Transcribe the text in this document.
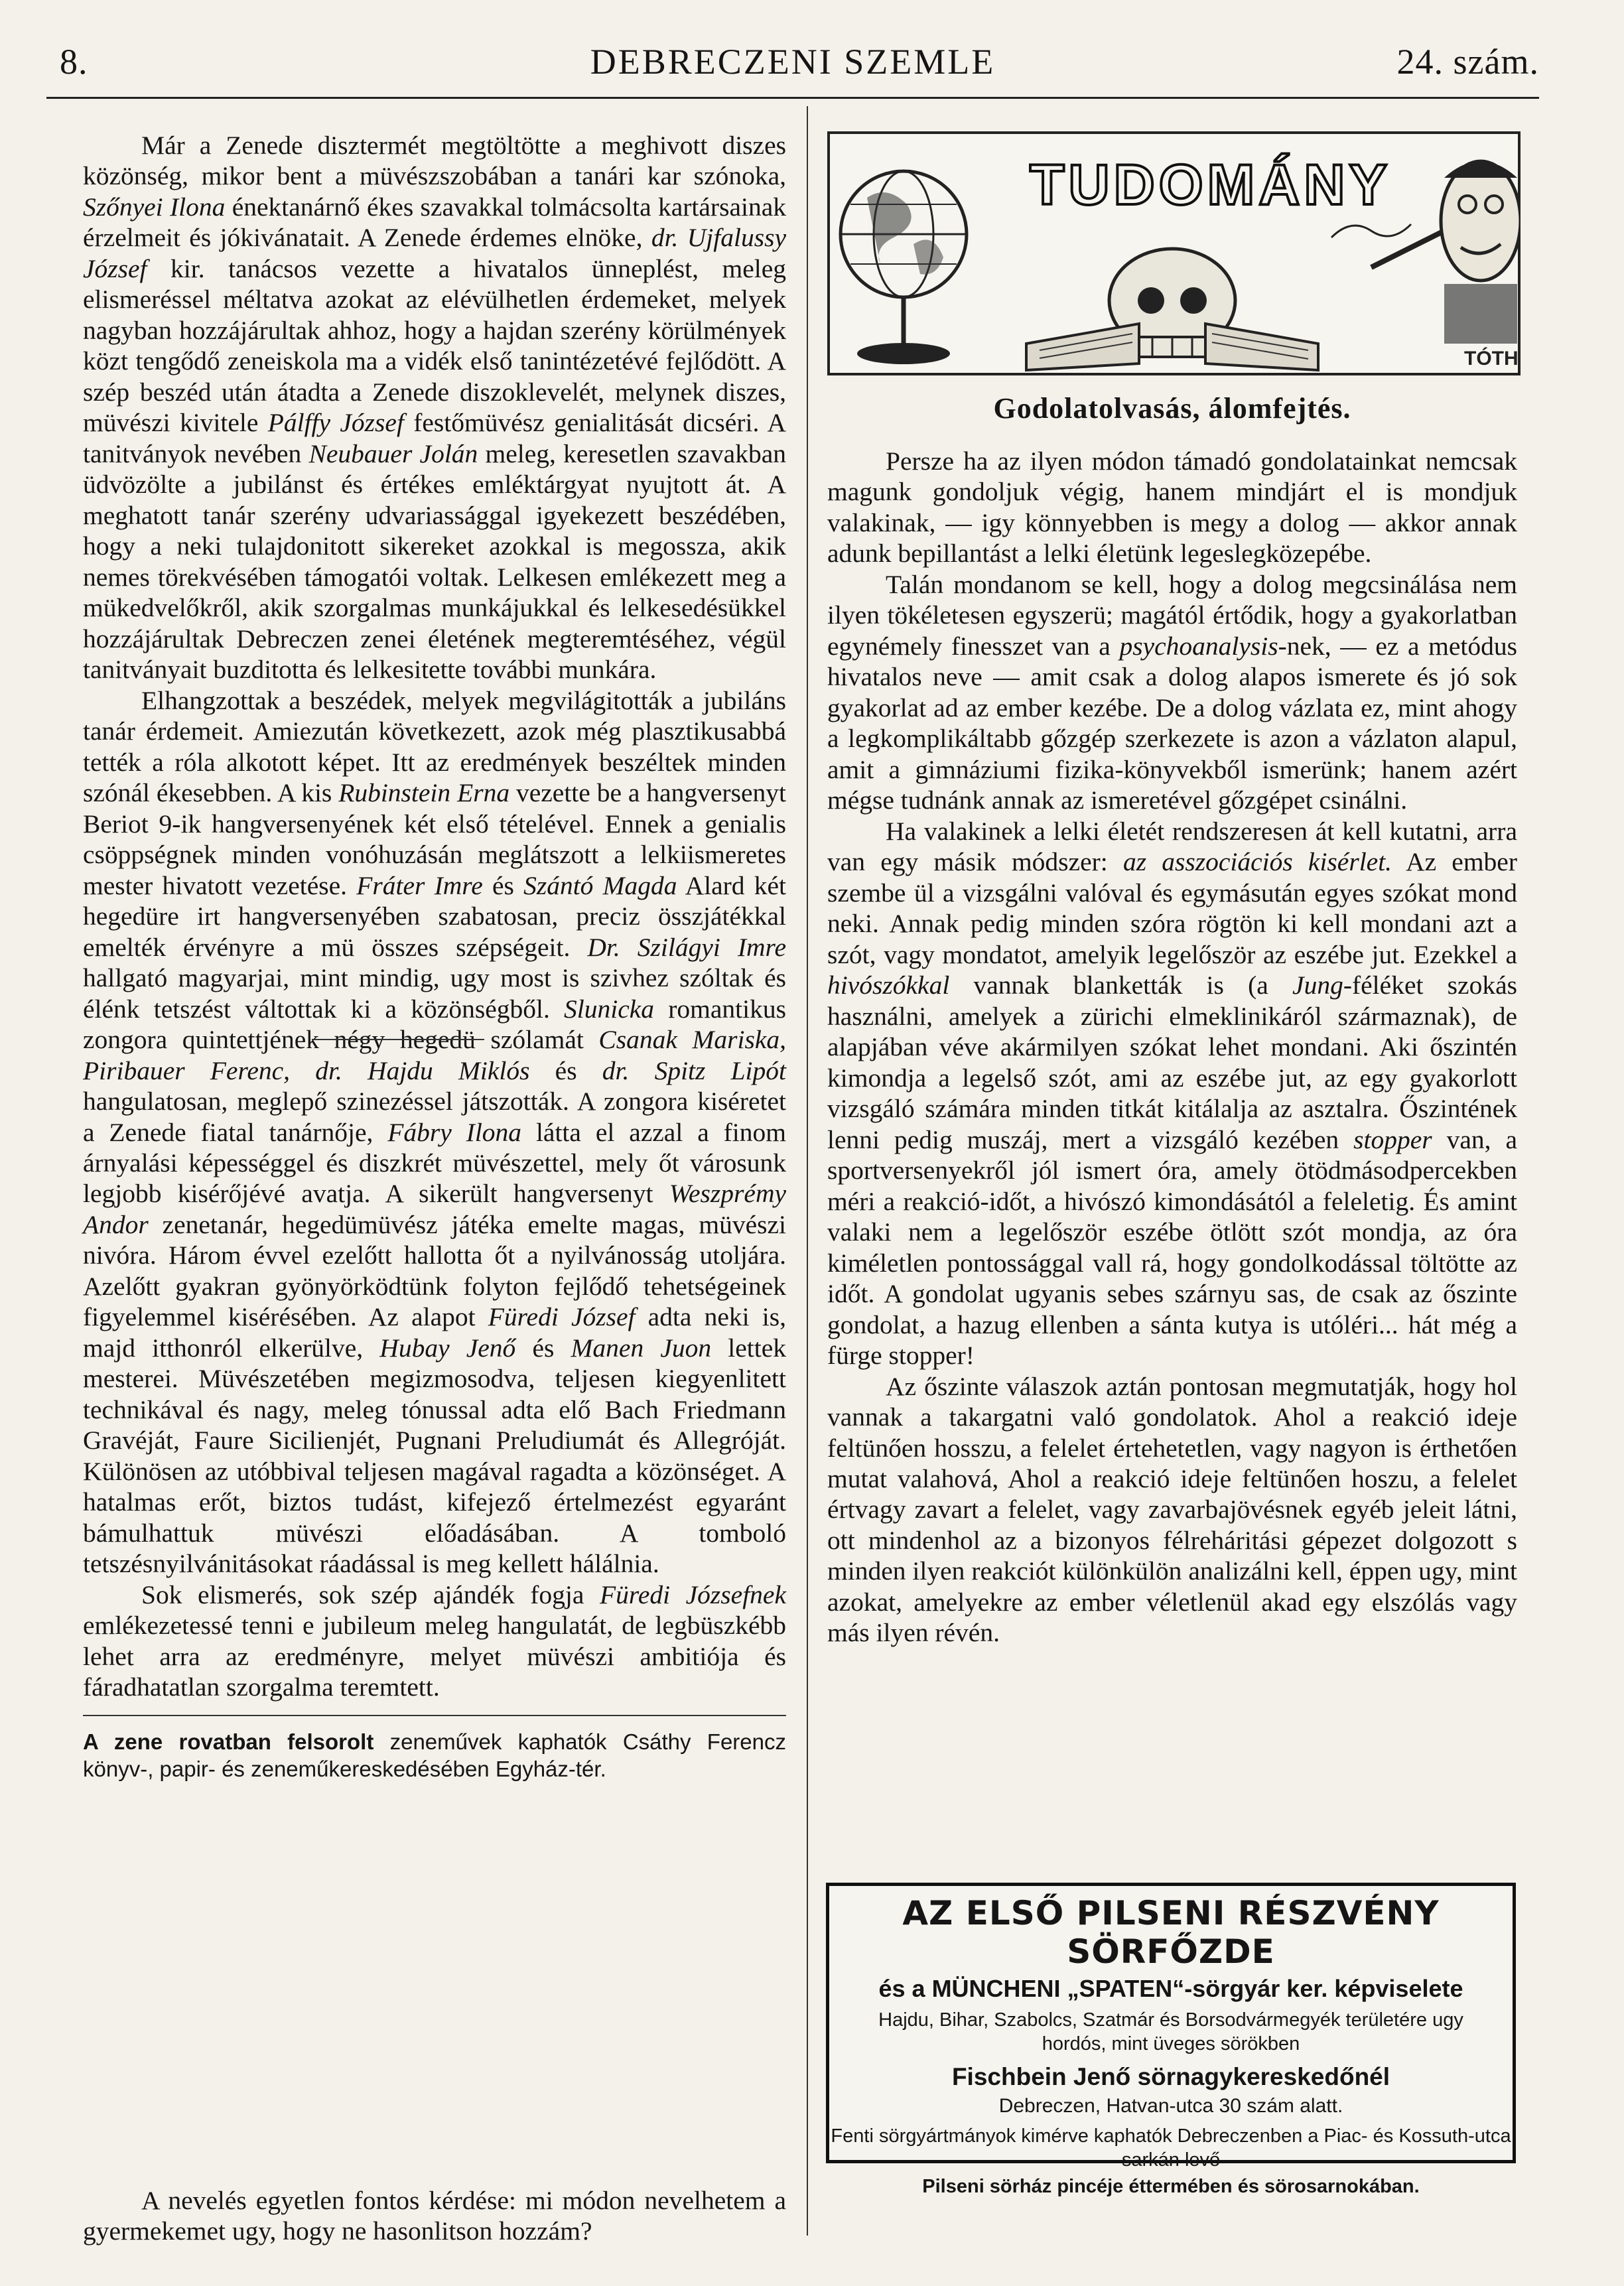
8.	DEBRECZENI SZEMLE	24. szám.

Már a Zenede disztermét megtöltötte a meghivott diszes közönség, mikor bent a müvészszobában a tanári kar szónoka, Szőnyei Ilona énektanárnő ékes szavakkal tolmácsolta kartársainak érzelmeit és jókivánatait. A Zenede érdemes elnöke, dr. Ujfalussy József kir. tanácsos vezette a hivatalos ünneplést, meleg elismeréssel méltatva azokat az elévülhetlen érdemeket, melyek nagyban hozzájárultak ahhoz, hogy a hajdan szerény körülmények közt tengődő zeneiskola ma a vidék első tanintézetévé fejlődött. A szép beszéd után átadta a Zenede diszoklevelét, melynek diszes, müvészi kivitele Pálffy József festőmüvész genialitását dicséri. A tanitványok nevében Neubauer Jolán meleg, keresetlen szavakban üdvözölte a jubilánst és értékes emléktárgyat nyujtott át. A meghatott tanár szerény udvariassággal igyekezett beszédében, hogy a neki tulajdonitott sikereket azokkal is megossza, akik nemes törekvésében támogatói voltak. Lelkesen emlékezett meg a mükedvelőkről, akik szorgalmas munkájukkal és lelkesedésükkel hozzájárultak Debreczen zenei életének megteremtéséhez, végül tanitványait buzditotta és lelkesitette további munkára.

Elhangzottak a beszédek, melyek megvilágitották a jubiláns tanár érdemeit. Amiezután következett, azok még plasztikusabbá tették a róla alkotott képet. Itt az eredmények beszéltek minden szónál ékesebben. A kis Rubinstein Erna vezette be a hangversenyt Beriot 9-ik hangversenyének két első tételével. Ennek a genialis csöppségnek minden vonóhuzásán meglátszott a lelkiismeretes mester hivatott vezetése. Fráter Imre és Szántó Magda Alard két hegedüre irt hangversenyében szabatosan, preciz összjátékkal emelték érvényre a mü összes szépségeit. Dr. Szilágyi Imre hallgató magyarjai, mint mindig, ugy most is szivhez szóltak és élénk tetszést váltottak ki a közönségből. Slunicka romantikus zongora quintettjének négy hegedü szólamát Csanak Mariska, Piribauer Ferenc, dr. Hajdu Miklós és dr. Spitz Lipót hangulatosan, meglepő szinezéssel játszották. A zongora kiséretet a Zenede fiatal tanárnője, Fábry Ilona látta el azzal a finom árnyalási képességgel és diszkrét müvészettel, mely őt városunk legjobb kisérőjévé avatja. A sikerült hangversenyt Weszprémy Andor zenetanár, hegedümüvész játéka emelte magas, müvészi nivóra. Három évvel ezelőtt hallotta őt a nyilvánosság utoljára. Azelőtt gyakran gyönyörködtünk folyton fejlődő tehetségeinek figyelemmel kisérésében. Az alapot Füredi József adta neki is, majd itthonról elkerülve, Hubay Jenő és Manen Juon lettek mesterei. Müvészetében megizmosodva, teljesen kiegyenlitett technikával és nagy, meleg tónussal adta elő Bach Friedmann Gravéját, Faure Sicilienjét, Pugnani Preludiumát és Allegróját. Különösen az utóbbival teljesen magával ragadta a közönséget. A hatalmas erőt, biztos tudást, kifejező értelmezést egyaránt bámulhattuk müvészi előadásában. A tomboló tetszésnyilvánitásokat ráadással is meg kellett hálálnia.

Sok elismerés, sok szép ajándék fogja Füredi Józsefnek emlékezetessé tenni e jubileum meleg hangulatát, de legbüszkébb lehet arra az eredményre, melyet müvészi ambitiója és fáradhatatlan szorgalma teremtett.

A zene rovatban felsorolt zeneművek kaphatók Csáthy Ferencz könyv-, papir- és zeneműkereskedésében Egyház-tér.

A nevelés egyetlen fontos kérdése: mi módon nevelhetem a gyermekemet ugy, hogy ne hasonlitson hozzám?

TUDOMÁNY
TÓTH
Godolatolvasás, álomfejtés.

Persze ha az ilyen módon támadó gondolatainkat nemcsak magunk gondoljuk végig, hanem mindjárt el is mondjuk valakinak, — igy könnyebben is megy a dolog — akkor annak adunk bepillantást a lelki életünk legeslegközepébe.

Talán mondanom se kell, hogy a dolog megcsinálása nem ilyen tökéletesen egyszerü; magától értődik, hogy a gyakorlatban egynémely finesszet van a psychoanalysis-nek, — ez a metódus hivatalos neve — amit csak a dolog alapos ismerete és jó sok gyakorlat ad az ember kezébe. De a dolog vázlata ez, mint ahogy a legkomplikáltabb gőzgép szerkezete is azon a vázlaton alapul, amit a gimnáziumi fizika-könyvekből ismerünk; hanem azért mégse tudnánk annak az ismeretével gőzgépet csinálni.

Ha valakinek a lelki életét rendszeresen át kell kutatni, arra van egy másik módszer: az asszociációs kisérlet. Az ember szembe ül a vizsgálni valóval és egymásután egyes szókat mond neki. Annak pedig minden szóra rögtön ki kell mondani azt a szót, vagy mondatot, amelyik legelőször az eszébe jut. Ezekkel a hivószókkal vannak blanketták is (a Jung-féléket szokás használni, amelyek a zürichi elmeklinikáról származnak), de alapjában véve akármilyen szókat lehet mondani. Aki őszintén kimondja a legelső szót, ami az eszébe jut, az egy gyakorlott vizsgáló számára minden titkát kitálalja az asztalra. Őszintének lenni pedig muszáj, mert a vizsgáló kezében stopper van, a sportversenyekről jól ismert óra, amely ötödmásodpercekben méri a reakció-időt, a hivószó kimondásától a feleletig. És amint valaki nem a legelőször eszébe ötlött szót mondja, az óra kiméletlen pontossággal vall rá, hogy gondolkodással töltötte az időt. A gondolat ugyanis sebes szárnyu sas, de csak az őszinte gondolat, a hazug ellenben a sánta kutya is utóléri... hát még a fürge stopper!

Az őszinte válaszok aztán pontosan megmutatják, hogy hol vannak a takargatni való gondolatok. Ahol a reakció ideje feltünően hosszu, a felelet értehetetlen, vagy nagyon is érthetően mutat valahová, Ahol a reakció ideje feltünően hoszu, a felelet értvagy zavart a felelet, vagy zavarbajövésnek egyéb jeleit látni, ott mindenhol az a bizonyos félreháritási gépezet dolgozott s minden ilyen reakciót különkülön analizálni kell, éppen ugy, mint azokat, amelyekre az ember véletlenül akad egy elszólás vagy más ilyen révén.

AZ ELSŐ PILSENI RÉSZVÉNY SÖRFŐZDE
és a MÜNCHENI „SPATEN“-sörgyár ker. képviselete
Hajdu, Bihar, Szabolcs, Szatmár és Borsodvármegyék területére ugy hordós, mint üveges sörökben
Fischbein Jenő sörnagykereskedőnél
Debreczen, Hatvan-utca 30 szám alatt.
Fenti sörgyártmányok kimérve kaphatók Debreczenben a Piac- és Kossuth-utca sarkán levő
Pilseni sörház pincéje éttermében és sörosarnokában.
